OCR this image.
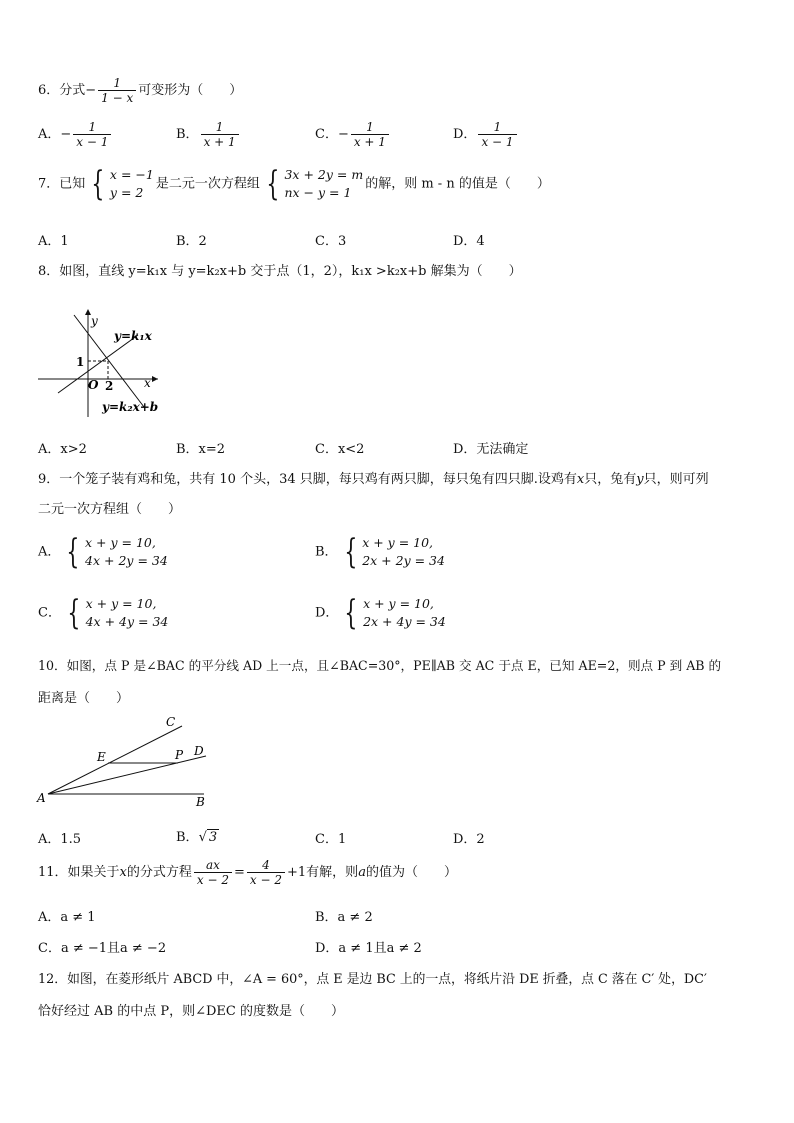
6．分式− $\frac{1}{1 - x}$ 可变形为（　　）
A．− $\frac{1}{x - 1}$	B． $\frac{1}{x + 1}$	C．− $\frac{1}{x + 1}$	D． $\frac{1}{x - 1}$
7．已知 { x = −1
y = 2
是二元一次方程组 { 3x + 2y = m
nx − y = 1
的解，则 m - n 的值是（　　）
A．1	B．2	C．3	D．4
8．如图，直线 y=k₁x 与 y=k₂x+b 交于点（1，2），k₁x >k₂x+b 解集为（　　）
y
x
O
1
2
y=k₁x
y=k₂x+b
A．x>2	B．x=2	C．x<2	D．无法确定
9．一个笼子装有鸡和兔，共有 10 个头，34 只脚，每只鸡有两只脚，每只兔有四只脚.设鸡有x只，兔有y只，则可列
二元一次方程组（　　）
A． { x + y = 10,
4x + 2y = 34
B． { x + y = 10,
2x + 2y = 34
C． { x + y = 10,
4x + 4y = 34
D． { x + y = 10,
2x + 4y = 34
10．如图，点 P 是∠BAC 的平分线 AD 上一点，且∠BAC=30°，PE∥AB 交 AC 于点 E，已知 AE=2，则点 P 到 AB 的
距离是（　　）
A	B
C
D
E	P
A．1.5	B．√ 3	C．1	D．2
11．如果关于x的分式方程 $\frac{ax}{x - 2} = \frac{4}{x - 2} +1$有解，则a的值为（　　）
A．a ≠ 1	B．a ≠ 2
C．a ≠ −1且a ≠ −2	D．a ≠ 1且a ≠ 2
12．如图，在菱形纸片 ABCD 中，∠A = 60°，点 E 是边 BC 上的一点，将纸片沿 DE 折叠，点 C 落在 C′ 处，DC′
恰好经过 AB 的中点 P，则∠DEC 的度数是（　　）
